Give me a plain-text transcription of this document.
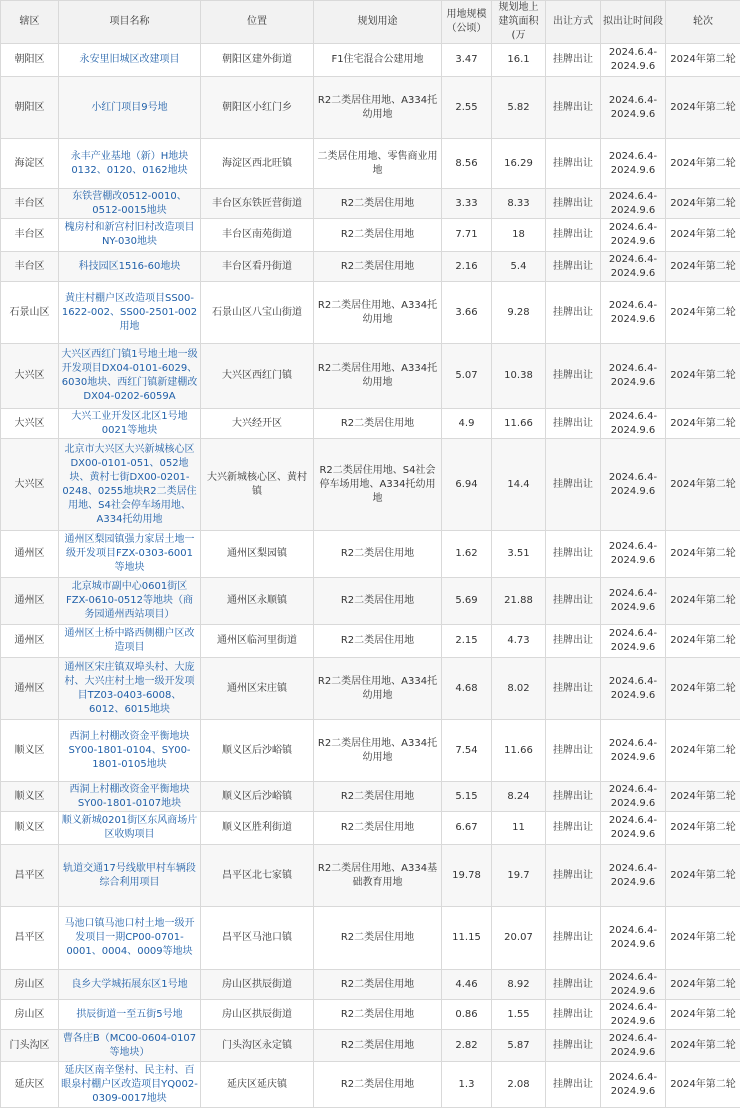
辖区	项目名称	位置	规划用途	用地规模（公顷）	规划地上建筑面积(万	出让方式	拟出让时间段	轮次
朝阳区	永安里旧城区改建项目	朝阳区建外街道	F1住宅混合公建用地	3.47	16.1	挂牌出让	2024.6.4-2024.9.6	2024年第二轮
朝阳区	小红门项目9号地	朝阳区小红门乡	R2二类居住用地、A334托幼用地	2.55	5.82	挂牌出让	2024.6.4-2024.9.6	2024年第二轮
海淀区	永丰产业基地（新）H地块0132、0120、0162地块	海淀区西北旺镇	二类居住用地、零售商业用地	8.56	16.29	挂牌出让	2024.6.4-2024.9.6	2024年第二轮
丰台区	东铁营棚改0512-0010、0512-0015地块	丰台区东铁匠营街道	R2二类居住用地	3.33	8.33	挂牌出让	2024.6.4-2024.9.6	2024年第二轮
丰台区	槐房村和新宫村旧村改造项目NY-030地块	丰台区南苑街道	R2二类居住用地	7.71	18	挂牌出让	2024.6.4-2024.9.6	2024年第二轮
丰台区	科技园区1516-60地块	丰台区看丹街道	R2二类居住用地	2.16	5.4	挂牌出让	2024.6.4-2024.9.6	2024年第二轮
石景山区	黄庄村棚户区改造项目SS00-1622-002、SS00-2501-002用地	石景山区八宝山街道	R2二类居住用地、A334托幼用地	3.66	9.28	挂牌出让	2024.6.4-2024.9.6	2024年第二轮
大兴区	大兴区西红门镇1号地土地一级开发项目DX04-0101-6029、6030地块、西红门镇新建棚改DX04-0202-6059A	大兴区西红门镇	R2二类居住用地、A334托幼用地	5.07	10.38	挂牌出让	2024.6.4-2024.9.6	2024年第二轮
大兴区	大兴工业开发区北区1号地0021等地块	大兴经开区	R2二类居住用地	4.9	11.66	挂牌出让	2024.6.4-2024.9.6	2024年第二轮
大兴区	北京市大兴区大兴新城核心区DX00-0101-051、052地块、黄村七街DX00-0201-0248、0255地块R2二类居住用地、S4社会停车场用地、A334托幼用地	大兴新城核心区、黄村镇	R2二类居住用地、S4社会停车场用地、A334托幼用地	6.94	14.4	挂牌出让	2024.6.4-2024.9.6	2024年第二轮
通州区	通州区梨园镇强力家居土地一级开发项目FZX-0303-6001等地块	通州区梨园镇	R2二类居住用地	1.62	3.51	挂牌出让	2024.6.4-2024.9.6	2024年第二轮
通州区	北京城市副中心0601街区FZX-0610-0512等地块（商务园通州西站项目）	通州区永顺镇	R2二类居住用地	5.69	21.88	挂牌出让	2024.6.4-2024.9.6	2024年第二轮
通州区	通州区土桥中路西侧棚户区改造项目	通州区临河里街道	R2二类居住用地	2.15	4.73	挂牌出让	2024.6.4-2024.9.6	2024年第二轮
通州区	通州区宋庄镇双埠头村、大庞村、大兴庄村土地一级开发项目TZ03-0403-6008、6012、6015地块	通州区宋庄镇	R2二类居住用地、A334托幼用地	4.68	8.02	挂牌出让	2024.6.4-2024.9.6	2024年第二轮
顺义区	西洞上村棚改资金平衡地块SY00-1801-0104、SY00-1801-0105地块	顺义区后沙峪镇	R2二类居住用地、A334托幼用地	7.54	11.66	挂牌出让	2024.6.4-2024.9.6	2024年第二轮
顺义区	西洞上村棚改资金平衡地块SY00-1801-0107地块	顺义区后沙峪镇	R2二类居住用地	5.15	8.24	挂牌出让	2024.6.4-2024.9.6	2024年第二轮
顺义区	顺义新城0201街区东风商场片区收购项目	顺义区胜利街道	R2二类居住用地	6.67	11	挂牌出让	2024.6.4-2024.9.6	2024年第二轮
昌平区	轨道交通17号线歇甲村车辆段综合利用项目	昌平区北七家镇	R2二类居住用地、A334基础教育用地	19.78	19.7	挂牌出让	2024.6.4-2024.9.6	2024年第二轮
昌平区	马池口镇马池口村土地一级开发项目一期CP00-0701-0001、0004、0009等地块	昌平区马池口镇	R2二类居住用地	11.15	20.07	挂牌出让	2024.6.4-2024.9.6	2024年第二轮
房山区	良乡大学城拓展东区1号地	房山区拱辰街道	R2二类居住用地	4.46	8.92	挂牌出让	2024.6.4-2024.9.6	2024年第二轮
房山区	拱辰街道一至五街5号地	房山区拱辰街道	R2二类居住用地	0.86	1.55	挂牌出让	2024.6.4-2024.9.6	2024年第二轮
门头沟区	曹各庄B（MC00-0604-0107等地块）	门头沟区永定镇	R2二类居住用地	2.82	5.87	挂牌出让	2024.6.4-2024.9.6	2024年第二轮
延庆区	延庆区南辛堡村、民主村、百眼泉村棚户区改造项目YQ002-0309-0017地块	延庆区延庆镇	R2二类居住用地	1.3	2.08	挂牌出让	2024.6.4-2024.9.6	2024年第二轮
